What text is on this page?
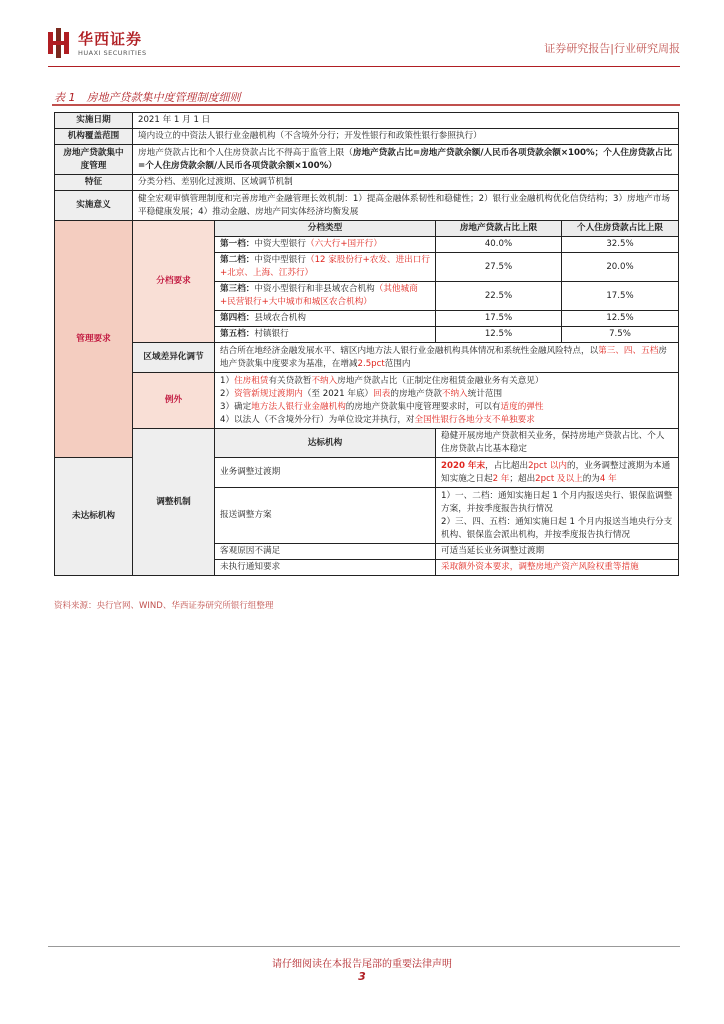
华西证券
HUAXI SECURITIES	证券研究报告|行业研究周报
表 1　房地产贷款集中度管理制度细则
实施日期	2021 年 1 月 1 日			
机构覆盖范围	境内设立的中资法人银行业金融机构（不含境外分行；开发性银行和政策性银行参照执行）			
房地产贷款集中度管理	房地产贷款占比和个人住房贷款占比不得高于监管上限（房地产贷款占比=房地产贷款余额/人民币各项贷款余额×100%；个人住房贷款占比=个人住房贷款余额/人民币各项贷款余额×100%）			
特征	分类分档、差别化过渡期、区域调节机制			
实施意义	健全宏观审慎管理制度和完善房地产金融管理长效机制：1）提高金融体系韧性和稳健性；2）银行业金融机构优化信贷结构；3）房地产市场平稳健康发展；4）推动金融、房地产同实体经济均衡发展			
管理要求	分档要求	分档类型	房地产贷款占比上限	个人住房贷款占比上限
		第一档：中资大型银行（六大行+国开行）	40.0%	32.5%
		第二档：中资中型银行（12 家股份行+农发、进出口行+北京、上海、江苏行）	27.5%	20.0%
		第三档：中资小型银行和非县域农合机构（其他城商+民营银行+大中城市和城区农合机构）	22.5%	17.5%
		第四档：县域农合机构	17.5%	12.5%
		第五档：村镇银行	12.5%	7.5%
	区域差异化调节	结合所在地经济金融发展水平、辖区内地方法人银行业金融机构具体情况和系统性金融风险特点，以第三、四、五档房地产贷款集中度要求为基准，在增减2.5pct范围内		
	例外	1）住房租赁有关贷款暂不纳入房地产贷款占比（正制定住房租赁金融业务有关意见）
2）资管新规过渡期内（至 2021 年底）回表的房地产贷款不纳入统计范围
3）确定地方法人银行业金融机构的房地产贷款集中度管理要求时，可以有适度的弹性
4）以法人（不含境外分行）为单位设定并执行，对全国性银行各地分支不单独要求		

	调整机制	达标机构	稳健开展房地产贷款相关业务，保持房地产贷款占比、个人住房贷款占比基本稳定	
未达标机构		业务调整过渡期	2020 年末，占比超出2pct 以内的，业务调整过渡期为本通知实施之日起2 年；超出2pct 及以上的为4 年	
		报送调整方案	1）一、二档：通知实施日起 1 个月内报送央行、银保监调整方案，并按季度报告执行情况
2）三、四、五档：通知实施日起 1 个月内报送当地央行分支机构、银保监会派出机构，并按季度报告执行情况	

		客观原因不满足	可适当延长业务调整过渡期	
		未执行通知要求	采取额外资本要求，调整房地产资产风险权重等措施	
资料来源：央行官网、WIND、华西证券研究所银行组整理
请仔细阅读在本报告尾部的重要法律声明
3
